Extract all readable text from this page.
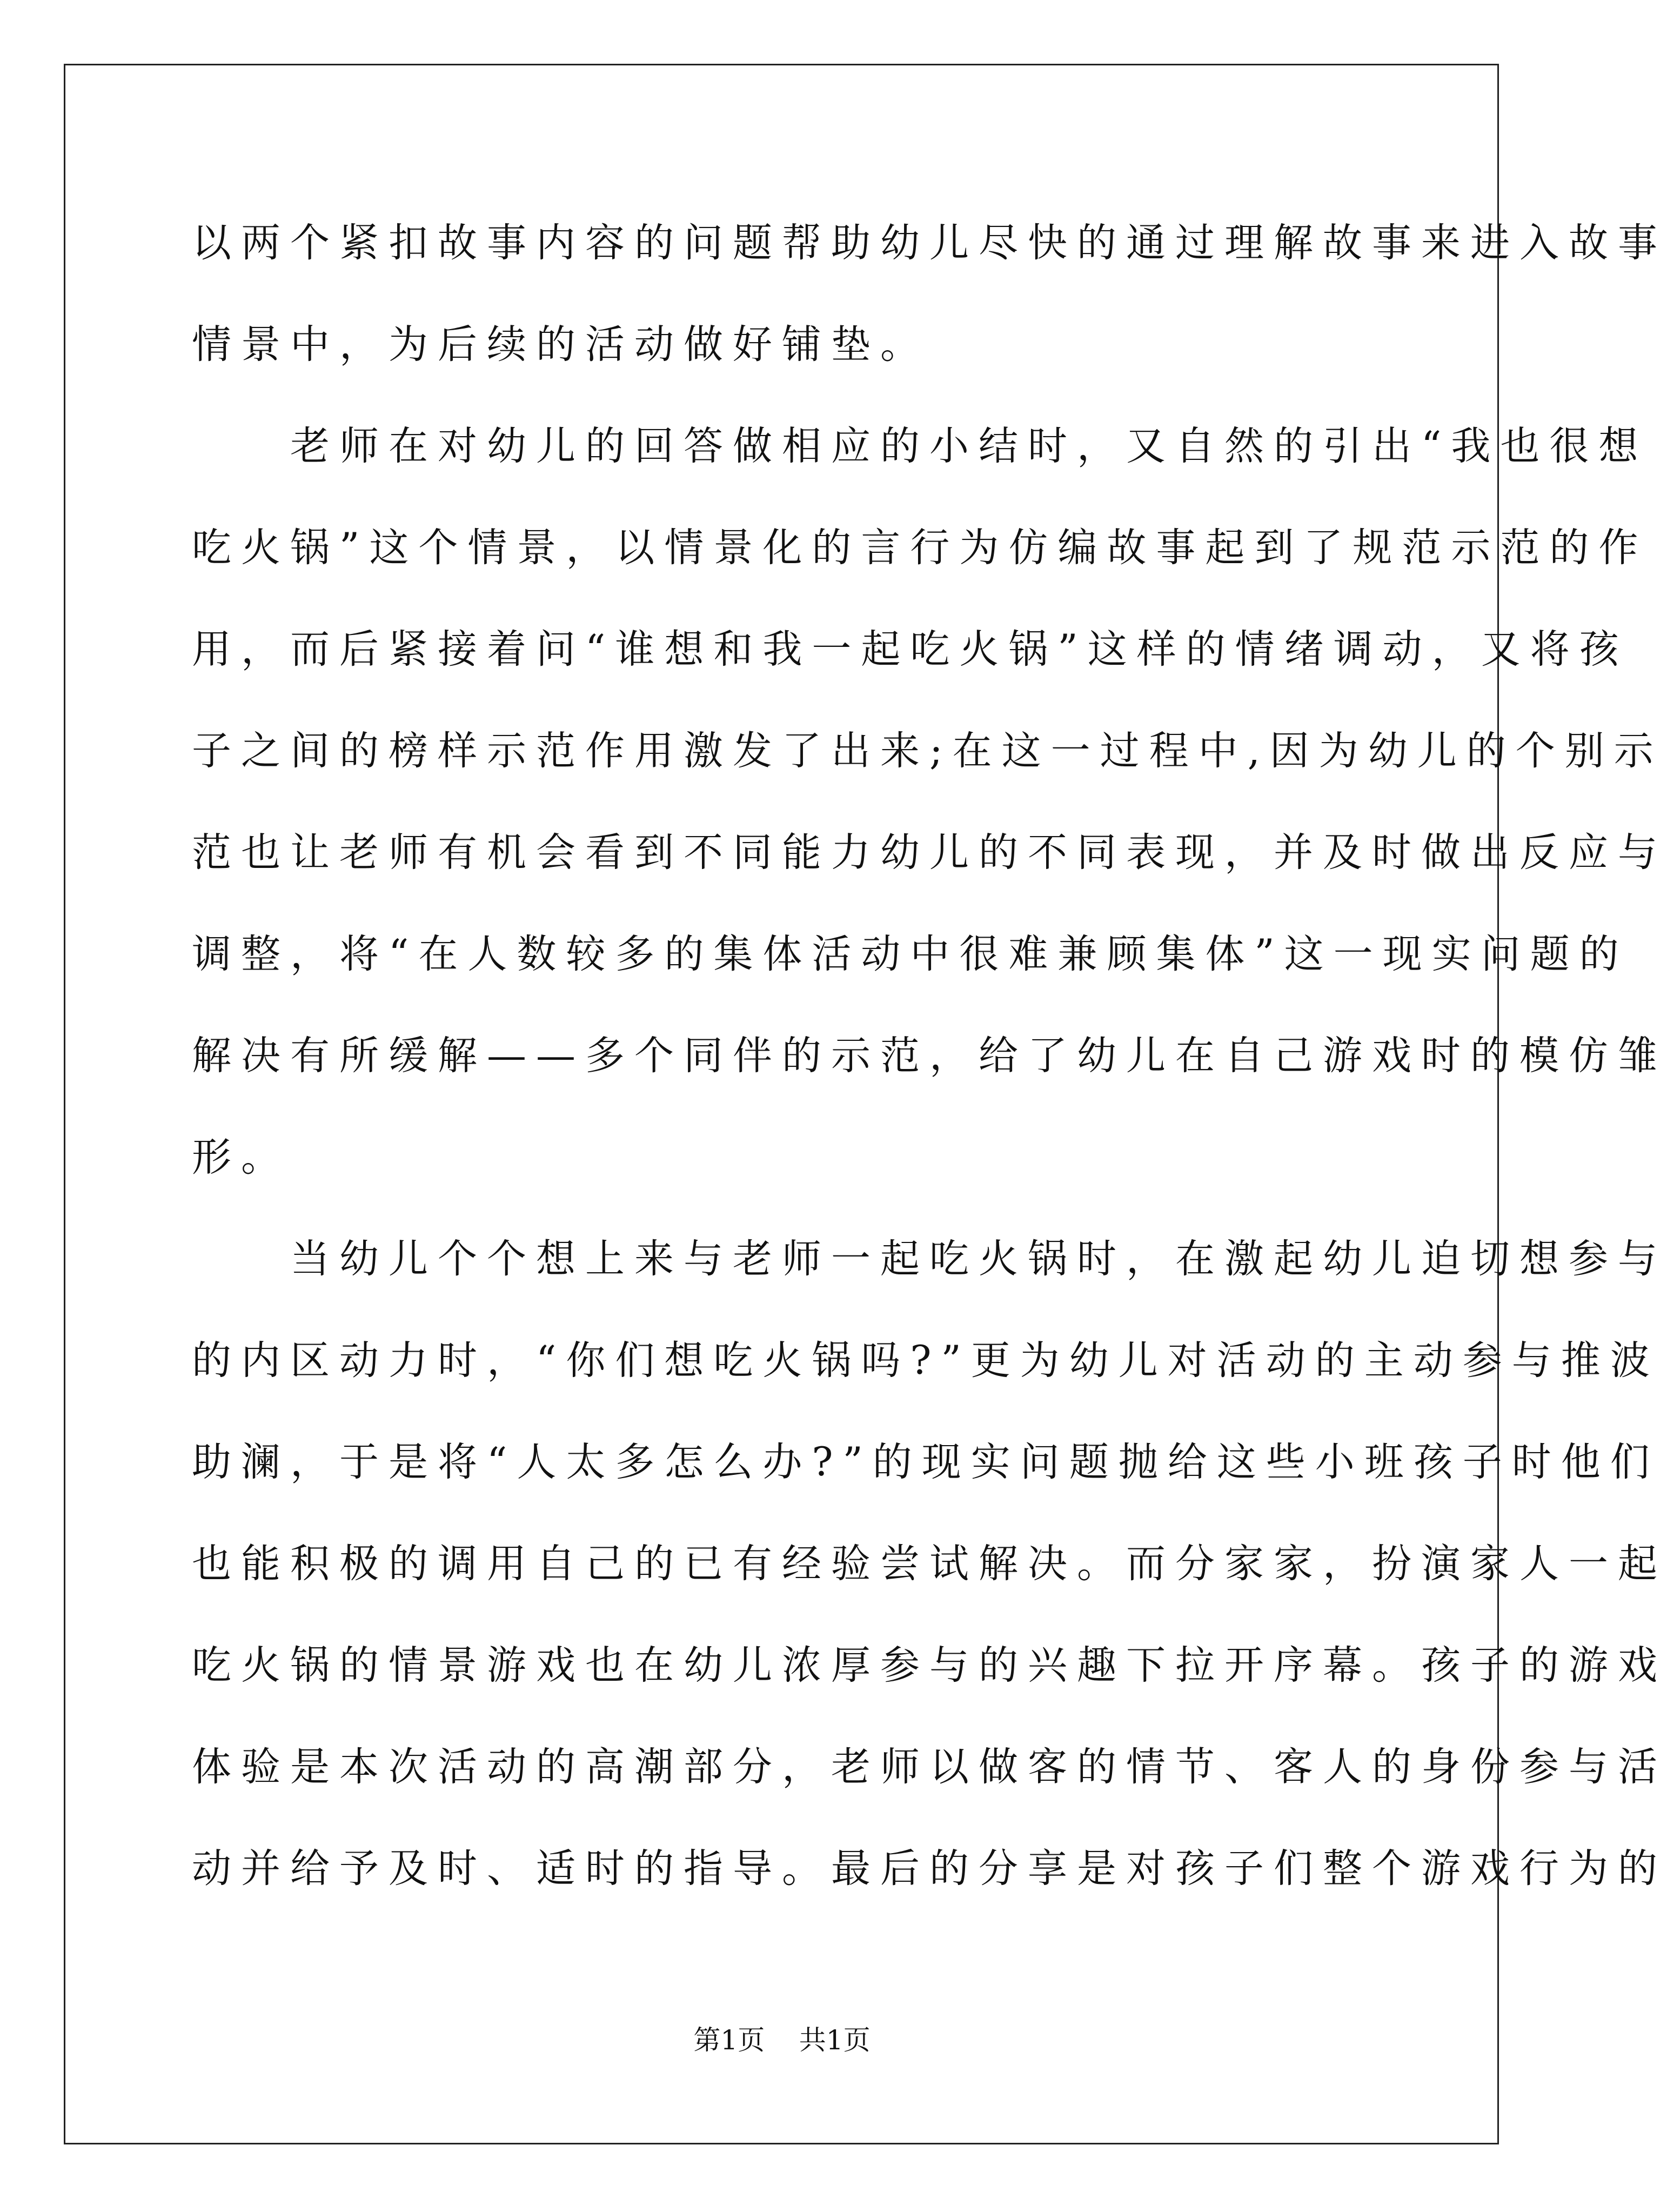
以两个紧扣故事内容的问题帮助幼儿尽快的通过理解故事来进入故事
情景中，为后续的活动做好铺垫。
　　老师在对幼儿的回答做相应的小结时，又自然的引出“我也很想
吃火锅”这个情景，以情景化的言行为仿编故事起到了规范示范的作
用，而后紧接着问“谁想和我一起吃火锅”这样的情绪调动，又将孩
子之间的榜样示范作用激发了出来;在这一过程中,因为幼儿的个别示
范也让老师有机会看到不同能力幼儿的不同表现，并及时做出反应与
调整，将“在人数较多的集体活动中很难兼顾集体”这一现实问题的
解决有所缓解——多个同伴的示范，给了幼儿在自己游戏时的模仿雏
形。
　　当幼儿个个想上来与老师一起吃火锅时，在激起幼儿迫切想参与
的内区动力时，“你们想吃火锅吗?”更为幼儿对活动的主动参与推波
助澜，于是将“人太多怎么办?”的现实问题抛给这些小班孩子时他们
也能积极的调用自己的已有经验尝试解决。而分家家，扮演家人一起
吃火锅的情景游戏也在幼儿浓厚参与的兴趣下拉开序幕。孩子的游戏
体验是本次活动的高潮部分，老师以做客的情节、客人的身份参与活
动并给予及时、适时的指导。最后的分享是对孩子们整个游戏行为的
第1页    共1页
